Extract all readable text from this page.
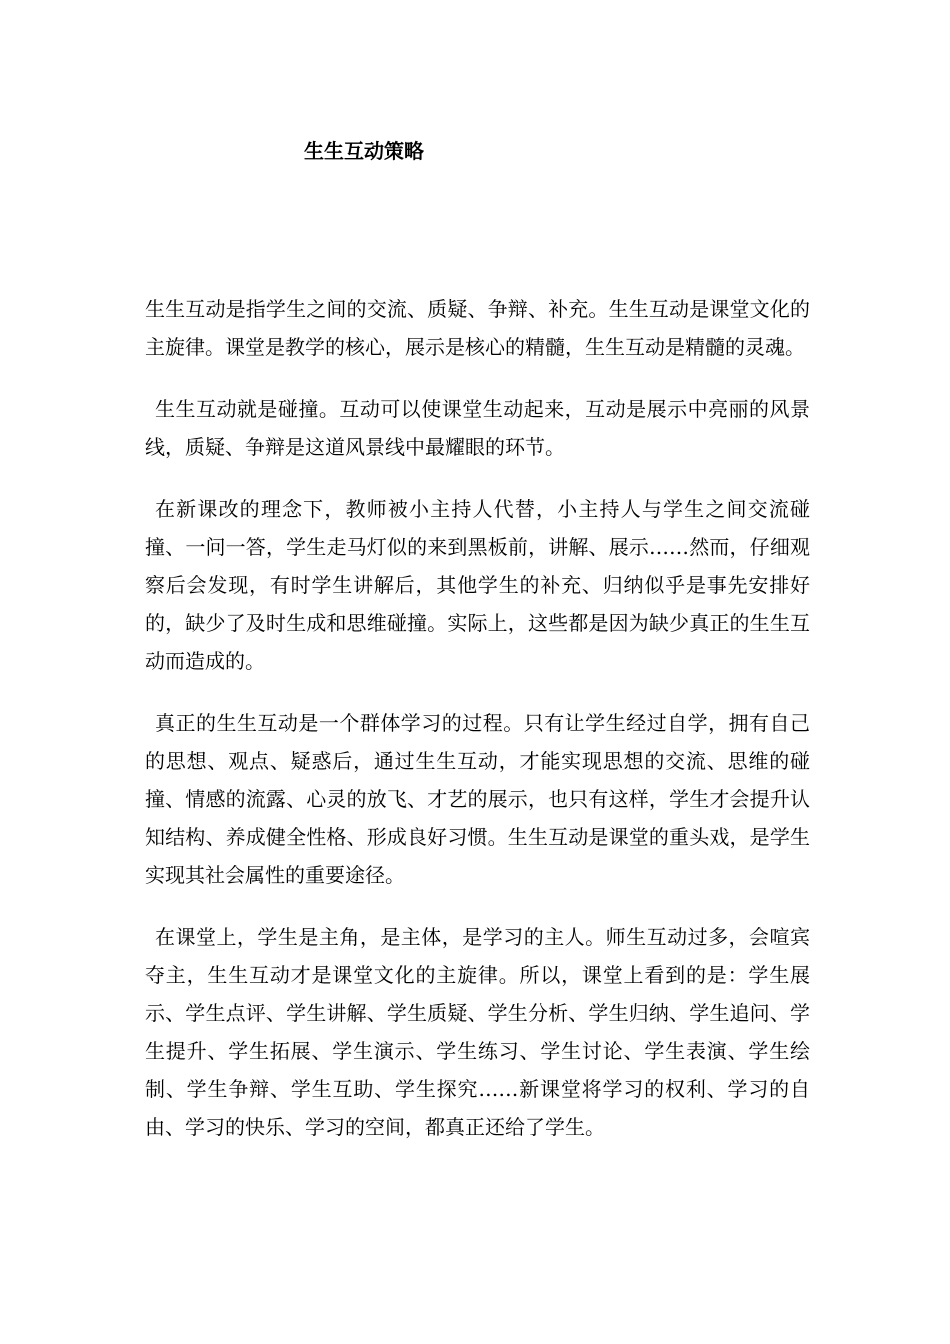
生生互动策略

生生互动是指学生之间的交流、质疑、争辩、补充。生生互动是课堂文化的主旋律。课堂是教学的核心，展示是核心的精髓，生生互动是精髓的灵魂。

生生互动就是碰撞。互动可以使课堂生动起来，互动是展示中亮丽的风景线，质疑、争辩是这道风景线中最耀眼的环节。

在新课改的理念下，教师被小主持人代替，小主持人与学生之间交流碰撞、一问一答，学生走马灯似的来到黑板前，讲解、展示……然而，仔细观察后会发现，有时学生讲解后，其他学生的补充、归纳似乎是事先安排好的，缺少了及时生成和思维碰撞。实际上，这些都是因为缺少真正的生生互动而造成的。

真正的生生互动是一个群体学习的过程。只有让学生经过自学，拥有自己的思想、观点、疑惑后，通过生生互动，才能实现思想的交流、思维的碰撞、情感的流露、心灵的放飞、才艺的展示，也只有这样，学生才会提升认知结构、养成健全性格、形成良好习惯。生生互动是课堂的重头戏，是学生实现其社会属性的重要途径。

在课堂上，学生是主角，是主体，是学习的主人。师生互动过多，会喧宾夺主，生生互动才是课堂文化的主旋律。所以，课堂上看到的是：学生展示、学生点评、学生讲解、学生质疑、学生分析、学生归纳、学生追问、学生提升、学生拓展、学生演示、学生练习、学生讨论、学生表演、学生绘制、学生争辩、学生互助、学生探究……新课堂将学习的权利、学习的自由、学习的快乐、学习的空间，都真正还给了学生。
